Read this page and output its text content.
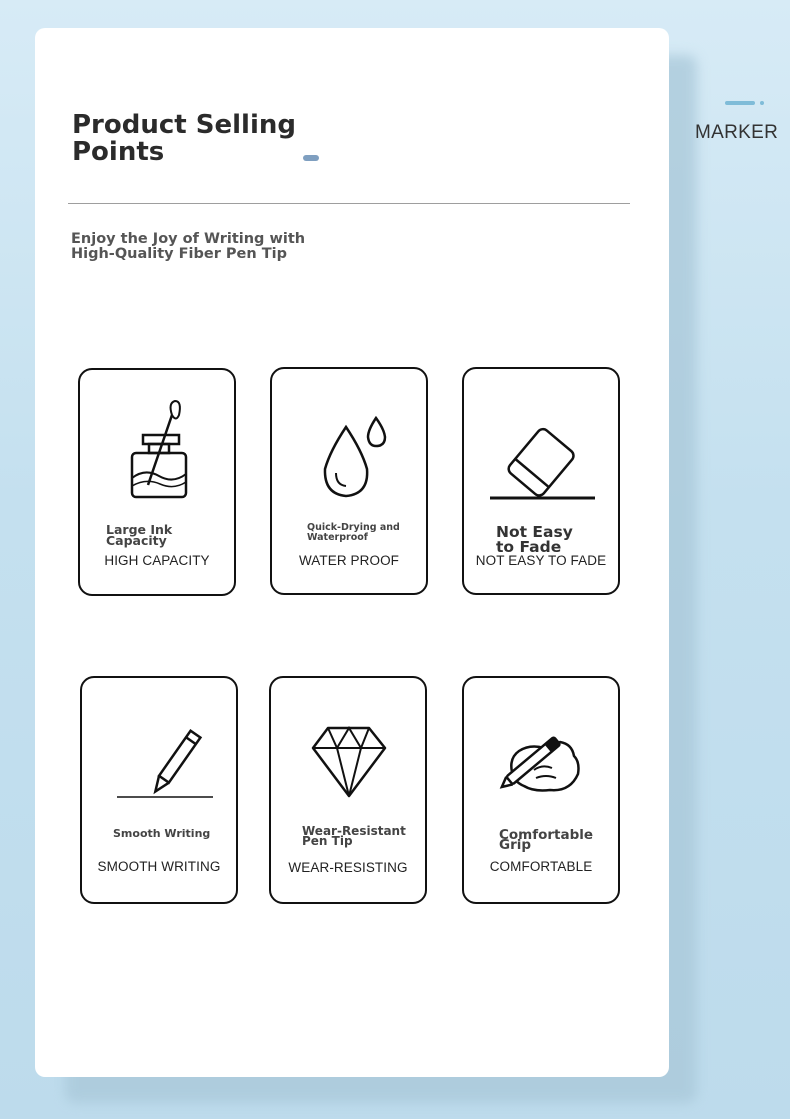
MARKER
Product Selling
Points
Enjoy the Joy of Writing with
High-Quality Fiber Pen Tip
Large Ink
Capacity
HIGH CAPACITY
Quick-Drying and
Waterproof
WATER PROOF
Not Easy
to Fade
NOT EASY TO FADE
Smooth Writing
SMOOTH WRITING
Wear-Resistant
Pen Tip
WEAR-RESISTING
Comfortable
Grip
COMFORTABLE
